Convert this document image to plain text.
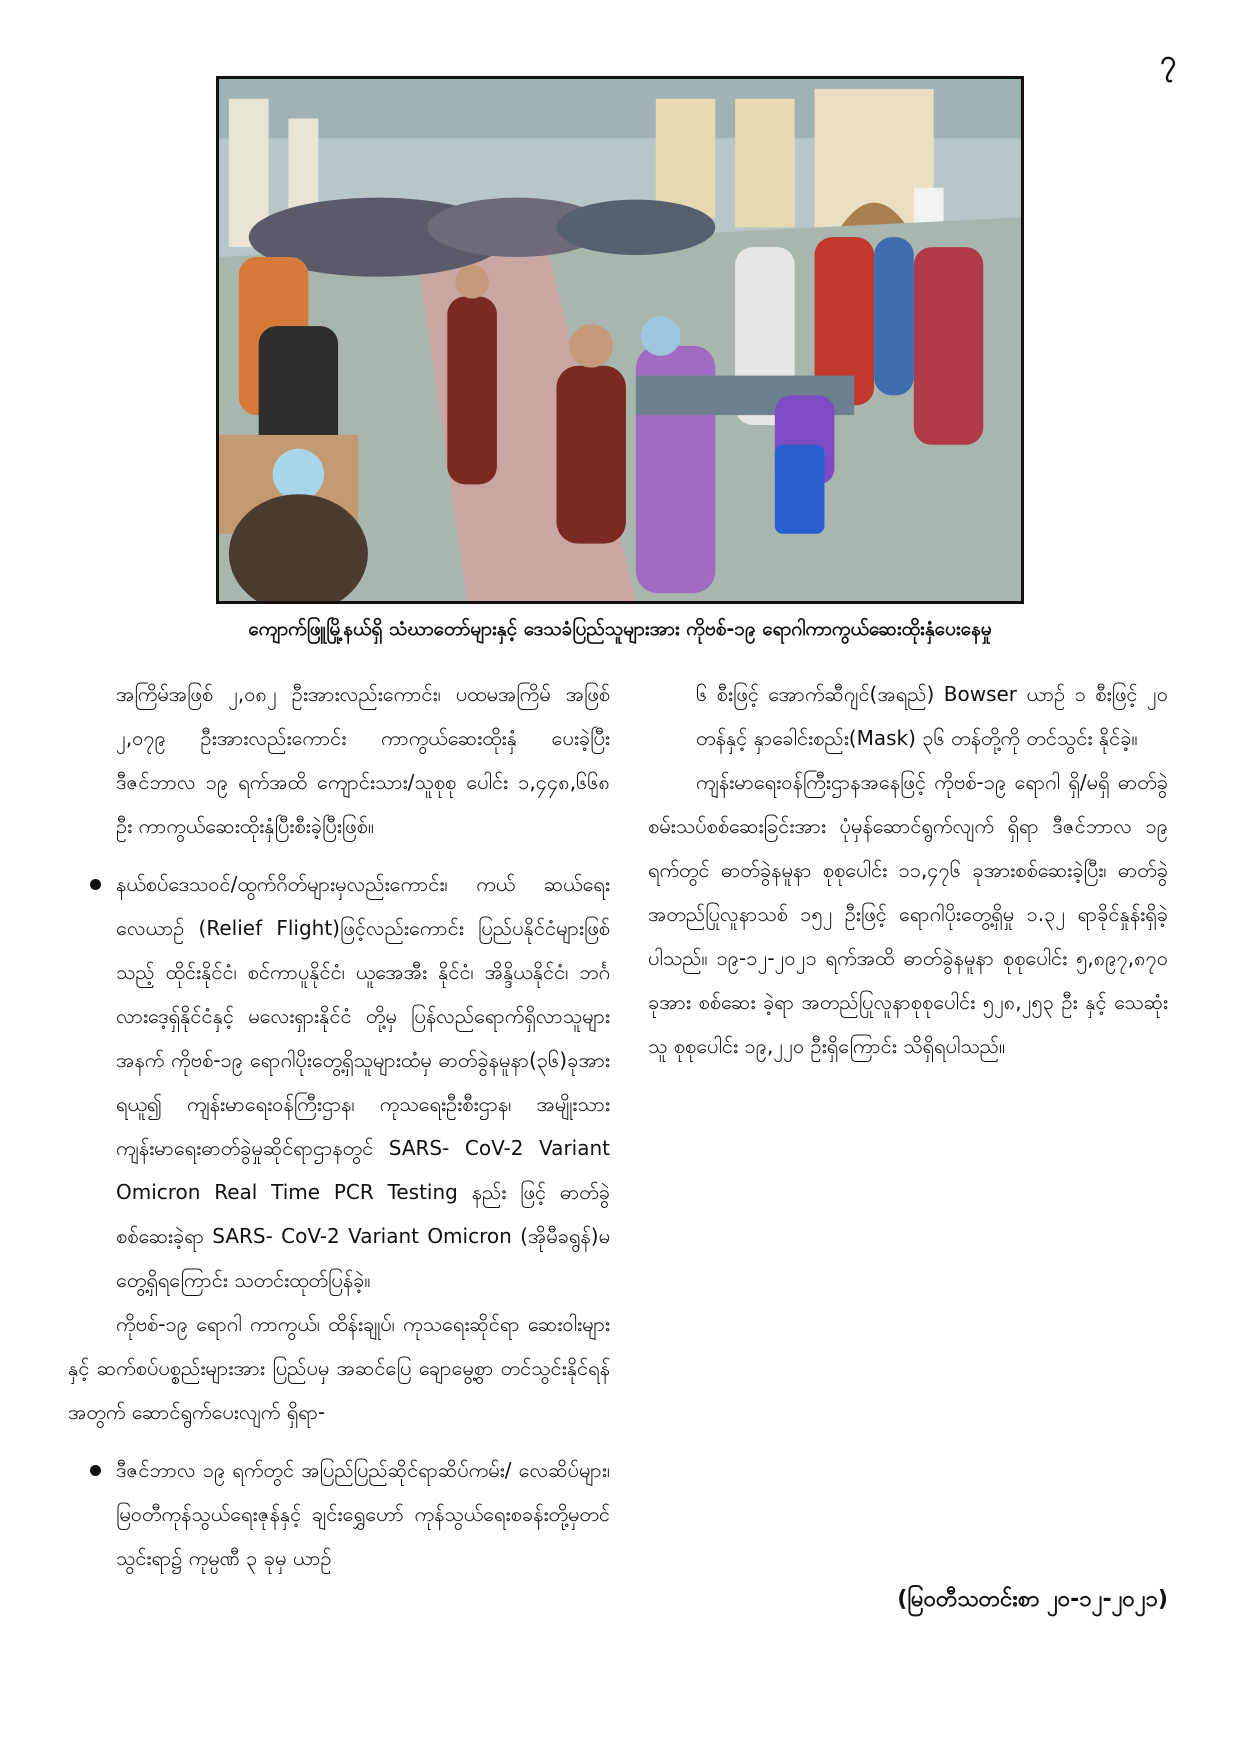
၇
ကျောက်ဖြူမြို့နယ်ရှိ သံဃာတော်များနှင့် ဒေသခံပြည်သူများအား ကိုဗစ်-၁၉ ရောဂါကာကွယ်ဆေးထိုးနှံပေးနေမှု

အကြိမ်အဖြစ် ၂,၀၈၂ ဦးအားလည်းကောင်း၊ ပထမအကြိမ် အဖြစ် ၂,၀၇၉ ဦးအားလည်းကောင်း ကာကွယ်ဆေးထိုးနှံ ပေးခဲ့ပြီး ဒီဇင်ဘာလ ၁၉ ရက်အထိ ကျောင်းသား/သူစုစု ပေါင်း ၁,၄၄၈,၆၆၈ ဦး ကာကွယ်ဆေးထိုးနှံပြီးစီးခဲ့ပြီးဖြစ်။

နယ်စပ်ဒေသဝင်/ထွက်ဂိတ်များမှလည်းကောင်း၊ ကယ် ဆယ်ရေးလေယာဉ် (Relief Flight)ဖြင့်လည်းကောင်း ပြည်ပနိုင်ငံများဖြစ်သည့် ထိုင်းနိုင်ငံ၊ စင်ကာပူနိုင်ငံ၊ ယူအေအီး နိုင်ငံ၊ အိန္ဒိယနိုင်ငံ၊ ဘင်္ဂလားဒေ့ရှ်နိုင်ငံနှင့် မလေးရှားနိုင်ငံ တို့မှ ပြန်လည်ရောက်ရှိလာသူများအနက် ကိုဗစ်-၁၉ ရောဂါပိုးတွေ့ရှိသူများထံမှ ဓာတ်ခွဲနမူနာ(၃၆)ခုအား ရယူ၍ ကျန်းမာရေးဝန်ကြီးဌာန၊ ကုသရေးဦးစီးဌာန၊ အမျိုးသားကျန်းမာရေးဓာတ်ခွဲမှုဆိုင်ရာဌာနတွင် SARS- CoV-2 Variant Omicron Real Time PCR Testing နည်း ဖြင့် ဓာတ်ခွဲစစ်ဆေးခဲ့ရာ SARS- CoV-2 Variant Omicron (အိုမီခရွန်)မတွေ့ရှိရကြောင်း သတင်းထုတ်ပြန်ခဲ့။

ကိုဗစ်-၁၉ ရောဂါ ကာကွယ်၊ ထိန်းချုပ်၊ ကုသရေးဆိုင်ရာ ဆေးဝါးများနှင့် ဆက်စပ်ပစ္စည်းများအား ပြည်ပမှ အဆင်ပြေ ချောမွေ့စွာ တင်သွင်းနိုင်ရန်အတွက် ဆောင်ရွက်ပေးလျက် ရှိရာ-

ဒီဇင်ဘာလ ၁၉ ရက်တွင် အပြည်ပြည်ဆိုင်ရာဆိပ်ကမ်း/ လေဆိပ်များ၊ မြဝတီကုန်သွယ်ရေးဇုန်နှင့် ချင်းရွှေဟော် ကုန်သွယ်ရေးစခန်းတို့မှတင်သွင်းရာ၌ ကုမ္ပဏီ ၃ ခုမှ ယာဉ်

၆ စီးဖြင့် အောက်ဆီဂျင်(အရည်) Bowser ယာဉ် ၁ စီးဖြင့် ၂၀ တန်နှင့် နှာခေါင်းစည်း(Mask) ၃၆ တန်တို့ကို တင်သွင်း နိုင်ခဲ့။

ကျန်းမာရေးဝန်ကြီးဌာနအနေဖြင့် ကိုဗစ်-၁၉ ရောဂါ ရှိ/မရှိ ဓာတ်ခွဲစမ်းသပ်စစ်ဆေးခြင်းအား ပုံမှန်ဆောင်ရွက်လျက် ရှိရာ ဒီဇင်ဘာလ ၁၉ ရက်တွင် ဓာတ်ခွဲနမူနာ စုစုပေါင်း ၁၁,၄၇၆ ခုအားစစ်ဆေးခဲ့ပြီး၊ ဓာတ်ခွဲအတည်ပြုလူနာသစ် ၁၅၂ ဦးဖြင့် ရောဂါပိုးတွေ့ရှိမှု ၁.၃၂ ရာခိုင်နှုန်းရှိခဲ့ပါသည်။ ၁၉-၁၂-၂၀၂၁ ရက်အထိ ဓာတ်ခွဲနမူနာ စုစုပေါင်း ၅,၈၉၇,၈၇၀ ခုအား စစ်ဆေး ခဲ့ရာ အတည်ပြုလူနာစုစုပေါင်း ၅၂၈,၂၅၃ ဦး နှင့် သေဆုံးသူ စုစုပေါင်း ၁၉,၂၂၀ ဦးရှိကြောင်း သိရှိရပါသည်။

(မြဝတီသတင်းစာ ၂၀-၁၂-၂၀၂၁)
